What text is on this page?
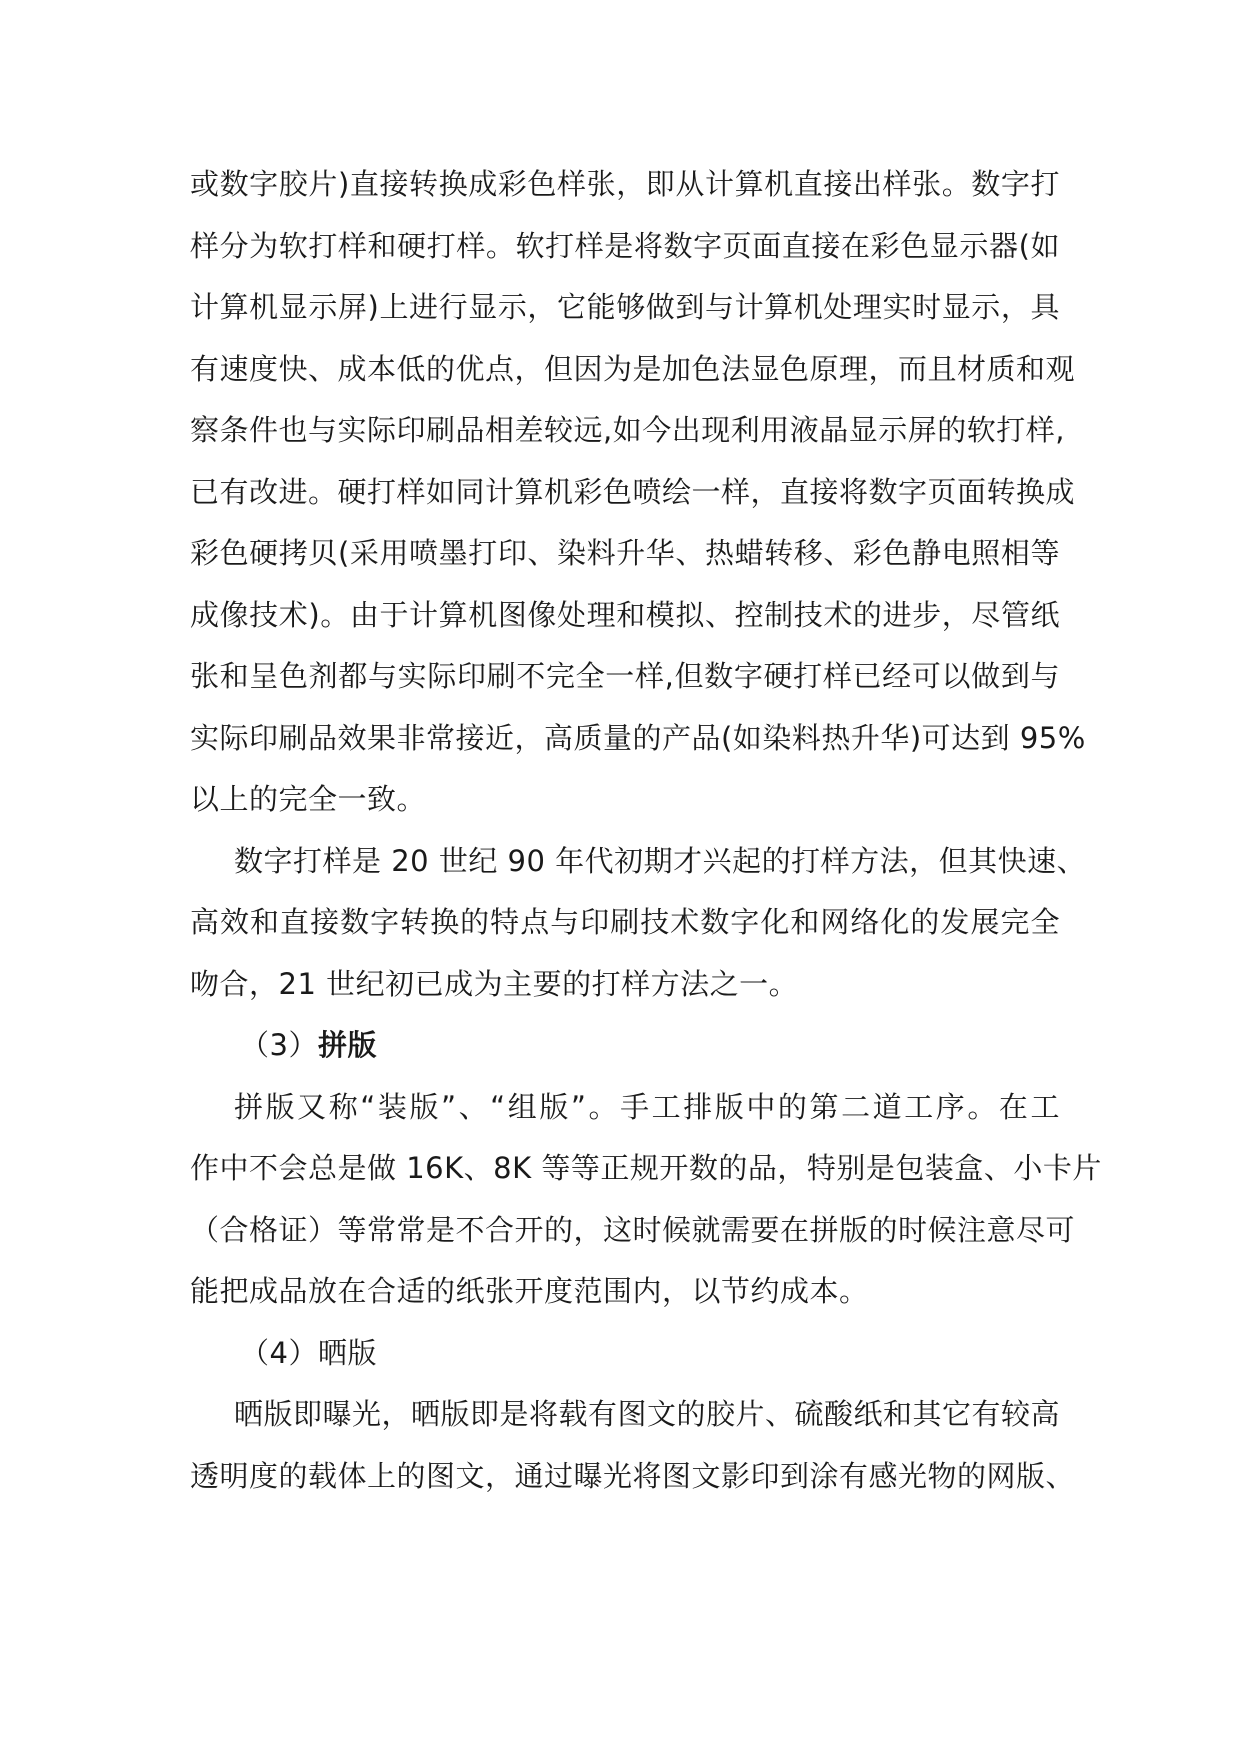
或数字胶片)直接转换成彩色样张，即从计算机直接出样张。数字打
样分为软打样和硬打样。软打样是将数字页面直接在彩色显示器(如
计算机显示屏)上进行显示，它能够做到与计算机处理实时显示，具
有速度快、成本低的优点，但因为是加色法显色原理，而且材质和观
察条件也与实际印刷品相差较远,如今出现利用液晶显示屏的软打样,
已有改进。硬打样如同计算机彩色喷绘一样，直接将数字页面转换成
彩色硬拷贝(采用喷墨打印、染料升华、热蜡转移、彩色静电照相等
成像技术)。由于计算机图像处理和模拟、控制技术的进步，尽管纸
张和呈色剂都与实际印刷不完全一样,但数字硬打样已经可以做到与
实际印刷品效果非常接近，高质量的产品(如染料热升华)可达到 95%
以上的完全一致。
数字打样是 20 世纪 90 年代初期才兴起的打样方法，但其快速、
高效和直接数字转换的特点与印刷技术数字化和网络化的发展完全
吻合，21 世纪初已成为主要的打样方法之一。
（3）拼版
拼版又称“装版”、“组版”。手工排版中的第二道工序。在工
作中不会总是做 16K、8K 等等正规开数的品，特别是包装盒、小卡片
（合格证）等常常是不合开的，这时候就需要在拼版的时候注意尽可
能把成品放在合适的纸张开度范围内，以节约成本。
（4）晒版
晒版即曝光，晒版即是将载有图文的胶片、硫酸纸和其它有较高
透明度的载体上的图文，通过曝光将图文影印到涂有感光物的网版、
